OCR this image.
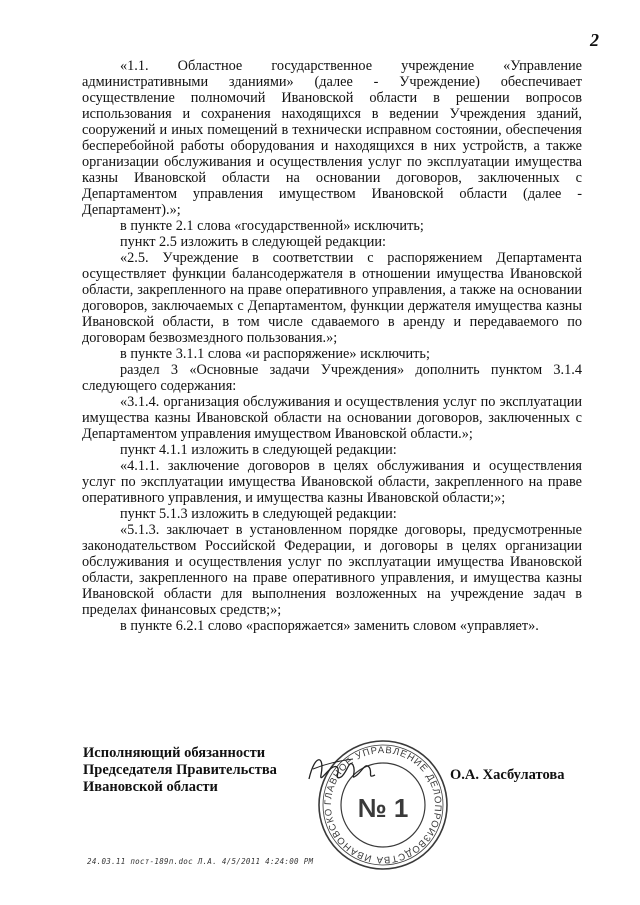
2

«1.1. Областное государственное учреждение «Управление административными зданиями» (далее - Учреждение) обеспечивает осуществление полномочий Ивановской области в решении вопросов использования и сохранения находящихся в ведении Учреждения зданий, сооружений и иных помещений в технически исправном состоянии, обеспечения бесперебойной работы оборудования и находящихся в них устройств, а также организации обслуживания и осуществления услуг по эксплуатации имущества казны Ивановской области на основании договоров, заключенных с Департаментом управления имуществом Ивановской области (далее - Департамент).»;

в пункте 2.1 слова «государственной» исключить;

пункт 2.5 изложить в следующей редакции:

«2.5. Учреждение в соответствии с распоряжением Департамента осуществляет функции балансодержателя в отношении имущества Ивановской области, закрепленного на праве оперативного управления, а также на основании договоров, заключаемых с Департаментом, функции держателя имущества казны Ивановской области, в том числе сдаваемого в аренду и передаваемого по договорам безвозмездного пользования.»;

в пункте 3.1.1 слова «и распоряжение» исключить;

раздел 3 «Основные задачи Учреждения» дополнить пунктом 3.1.4 следующего содержания:

«3.1.4. организация обслуживания и осуществления услуг по эксплуатации имущества казны Ивановской области на основании договоров, заключенных с Департаментом управления имуществом Ивановской области.»;

пункт 4.1.1 изложить в следующей редакции:

«4.1.1. заключение договоров в целях обслуживания и осуществления услуг по эксплуатации имущества Ивановской области, закрепленного на праве оперативного управления, и имущества казны Ивановской области;»;

пункт 5.1.3 изложить в следующей редакции:

«5.1.3. заключает в установленном порядке договоры, предусмотренные законодательством Российской Федерации, и договоры в целях организации обслуживания и осуществления услуг по эксплуатации имущества Ивановской области, закрепленного на праве оперативного управления, и имущества казны Ивановской области для выполнения возложенных на учреждение задач в пределах финансовых средств;»;

в пункте 6.2.1 слово «распоряжается» заменить словом «управляет».

Исполняющий обязанности
Председателя Правительства
Ивановской области
ГЛАВНОЕ УПРАВЛЕНИЕ ДЕЛОПРОИЗВОДСТВА ИВАНОВСКО № 1
О.А. Хасбулатова
24.03.11 пост-189п.doc Л.А. 4/5/2011 4:24:00 PM
